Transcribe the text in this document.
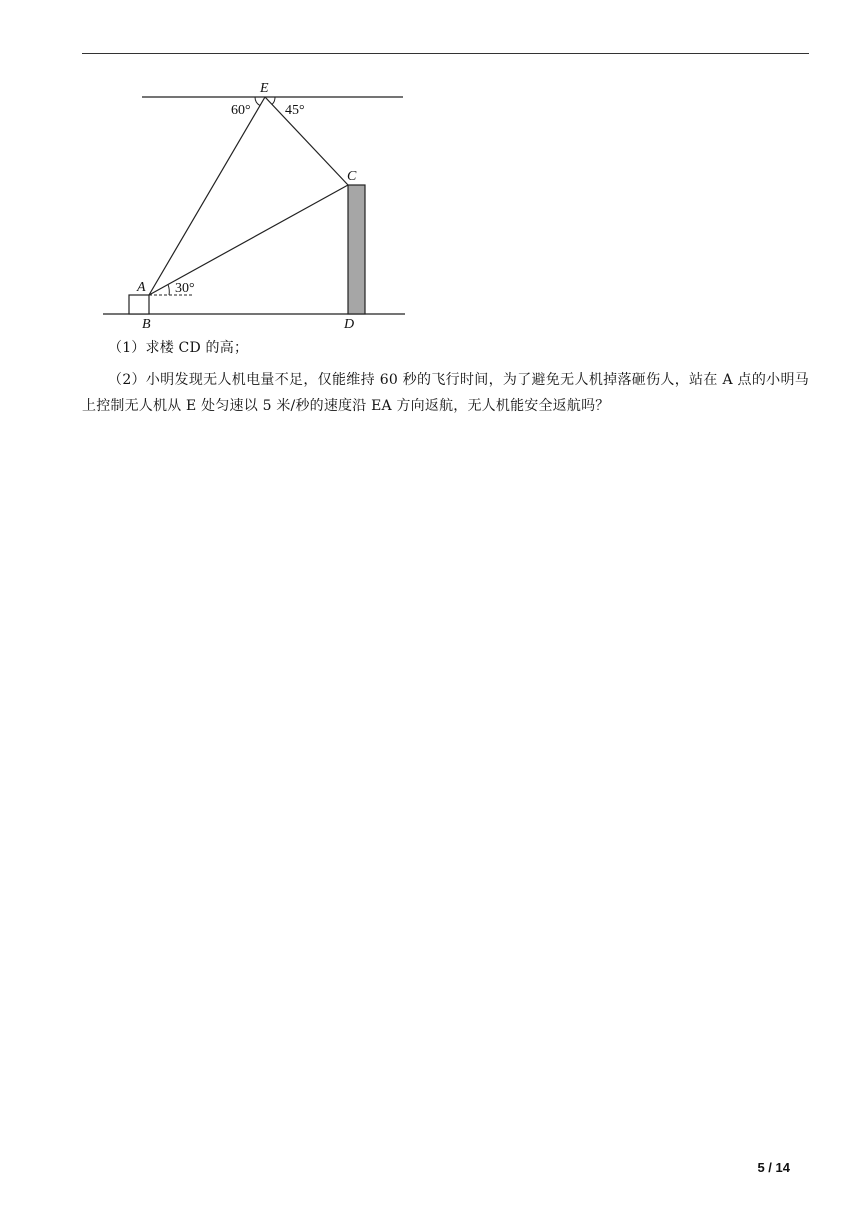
E
C
A
B	D
60° 45°
30°
（1）求楼 CD 的高；
（2）小明发现无人机电量不足，仅能维持 60 秒的飞行时间，为了避免无人机掉落砸伤人，站在 A 点的小明马上控制无人机从 E 处匀速以 5 米/秒的速度沿 EA 方向返航，无人机能安全返航吗？
5 / 14
